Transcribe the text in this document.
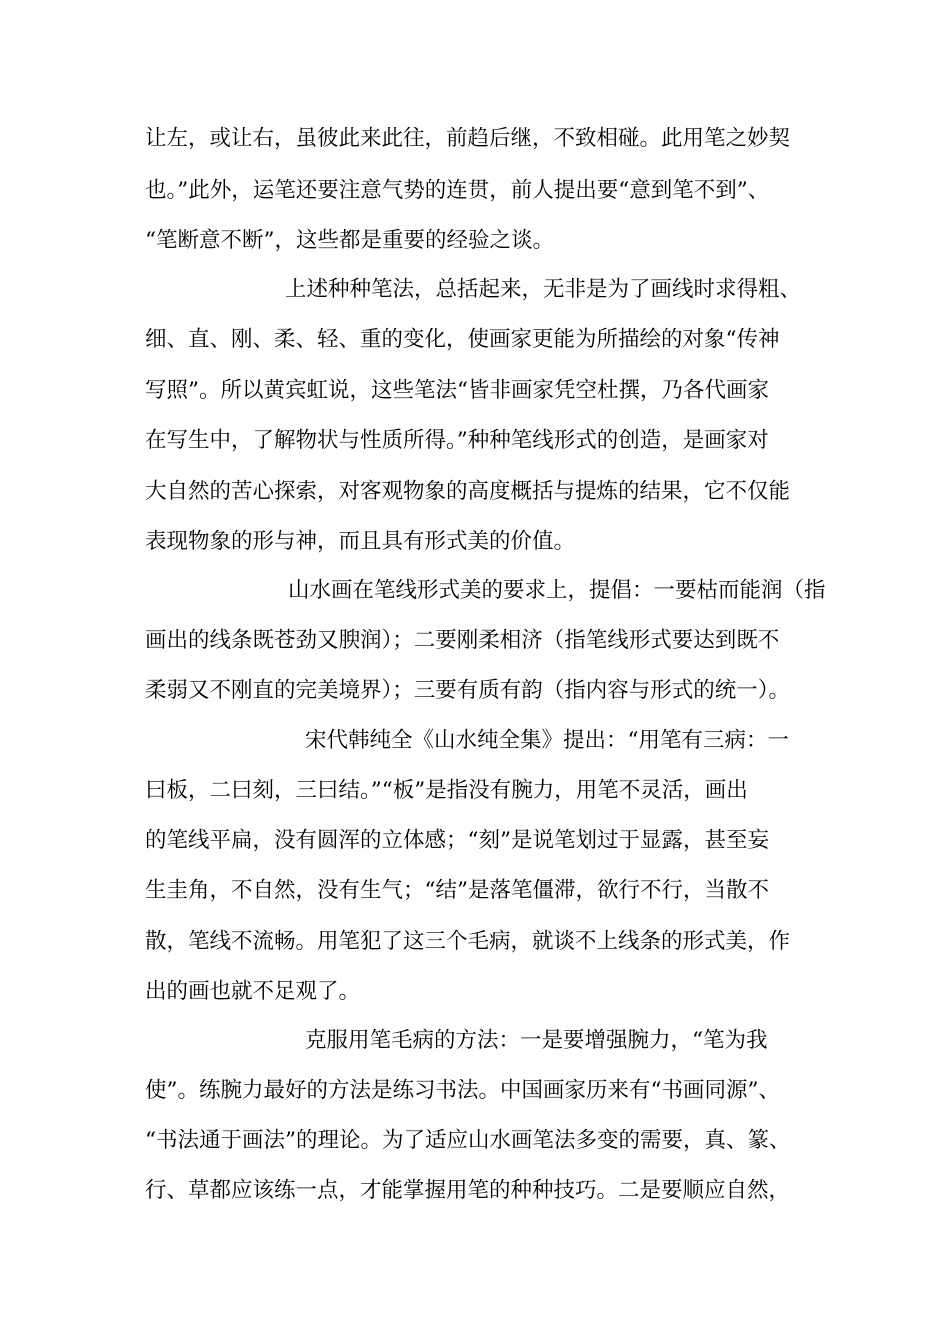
让左，或让右，虽彼此来此往，前趋后继，不致相碰。此用笔之妙契

也。”此外，运笔还要注意气势的连贯，前人提出要“意到笔不到”、

“笔断意不断”，这些都是重要的经验之谈。

上述种种笔法，总括起来，无非是为了画线时求得粗、

细、直、刚、柔、轻、重的变化，使画家更能为所描绘的对象“传神

写照”。所以黄宾虹说，这些笔法“皆非画家凭空杜撰，乃各代画家

在写生中，了解物状与性质所得。”种种笔线形式的创造，是画家对

大自然的苦心探索，对客观物象的高度概括与提炼的结果，它不仅能

表现物象的形与神，而且具有形式美的价值。

山水画在笔线形式美的要求上，提倡：一要枯而能润（指

画出的线条既苍劲又腴润）；二要刚柔相济（指笔线形式要达到既不

柔弱又不刚直的完美境界）；三要有质有韵（指内容与形式的统一）。

宋代韩纯全《山水纯全集》提出：“用笔有三病：一

曰板，二曰刻，三曰结。”“板”是指没有腕力，用笔不灵活，画出

的笔线平扁，没有圆浑的立体感；“刻”是说笔划过于显露，甚至妄

生圭角，不自然，没有生气；“结”是落笔僵滞，欲行不行，当散不

散，笔线不流畅。用笔犯了这三个毛病，就谈不上线条的形式美，作

出的画也就不足观了。

克服用笔毛病的方法：一是要增强腕力，“笔为我

使”。练腕力最好的方法是练习书法。中国画家历来有“书画同源”、

“书法通于画法”的理论。为了适应山水画笔法多变的需要，真、篆、

行、草都应该练一点，才能掌握用笔的种种技巧。二是要顺应自然，
